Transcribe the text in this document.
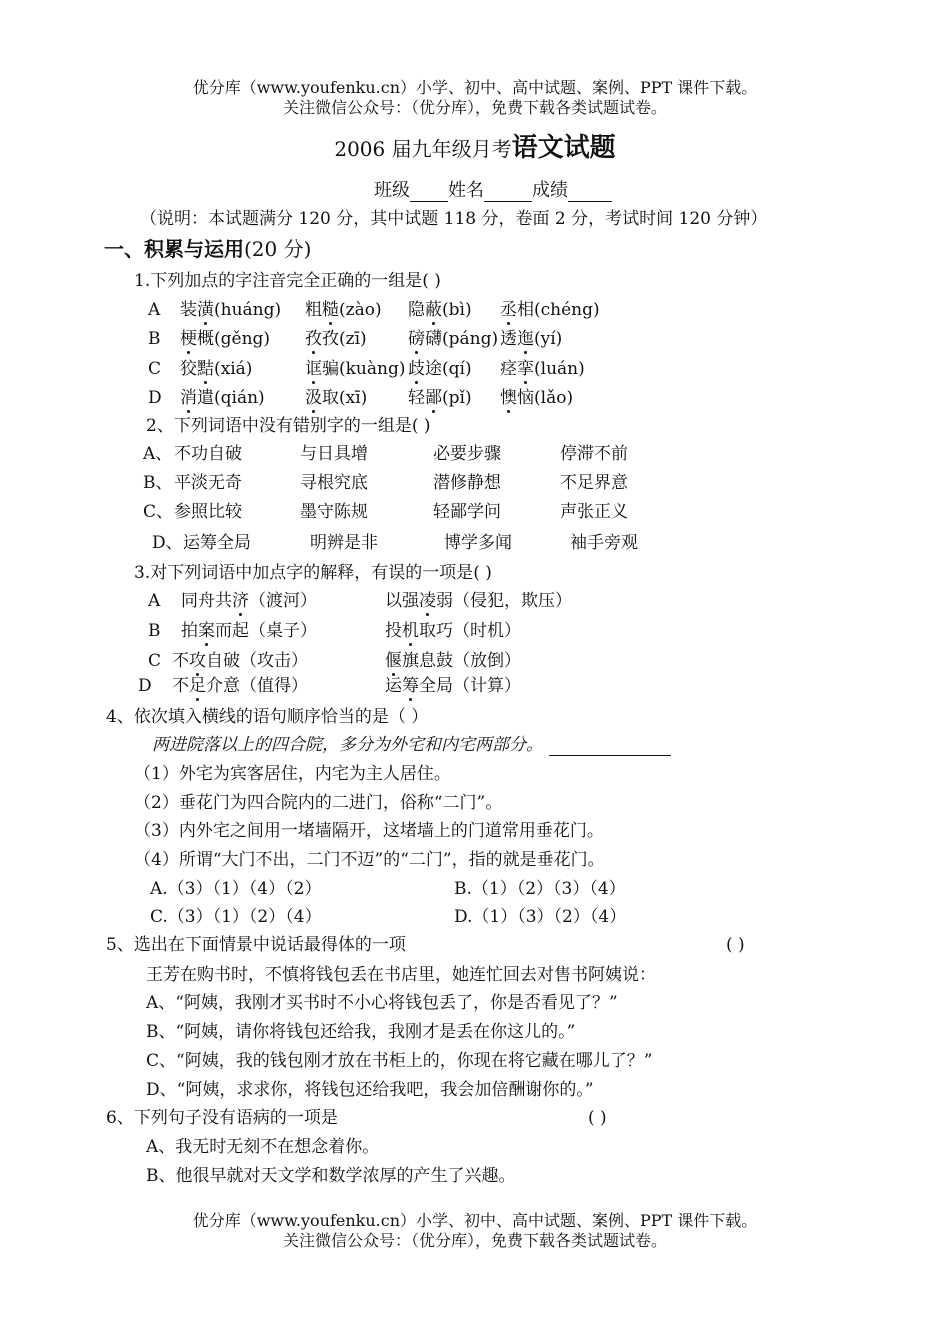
优分库（www.youfenku.cn）小学、初中、高中试题、案例、PPT 课件下载。
关注微信公众号：（优分库），免费下载各类试题试卷。
2006 届九年级月考语文试题
班级 姓名	成绩
（说明：本试题满分 120 分，其中试题 118 分，卷面 2 分，考试时间 120 分钟）
一、积累与运用(20 分)
1.下列加点的字注音完全正确的一组是( )
A 装潢(huáng) 粗糙(zào) 隐蔽(bì) 丞相(chéng)
B 梗概(gěng) 孜孜(zī) 磅礴(páng) 透迤(yí)
C 狡黠(xiá)	诓骗(kuàng) 歧途(qí) 痉挛(luán)
D 消遣(qián) 汲取(xī) 轻鄙(pǐ) 懊恼(lǎo)
2、下列词语中没有错别字的一组是( )
A、 不功自破	与日具增	必要步骤	停滞不前
B、 平淡无奇	寻根究底	潜修静想	不足界意
C、 参照比较	墨守陈规	轻鄙学问	声张正义
D、 运筹全局	明辨是非	博学多闻	袖手旁观
3.对下列词语中加点字的解释，有误的一项是( )
A 同舟共济（渡河）	以强凌弱（侵犯，欺压）
B 拍案而起（桌子）	投机取巧（时机）
C 不攻自破（攻击）	偃旗息鼓（放倒）
D 不足介意（值得）	运筹全局（计算）
4、依次填入横线的语句顺序恰当的是（ ）
两进院落以上的四合院，多分为外宅和内宅两部分。
（1）外宅为宾客居住，内宅为主人居住。
（2）垂花门为四合院内的二进门，俗称“二门”。
（3）内外宅之间用一堵墙隔开，这堵墙上的门道常用垂花门。
（4）所谓“大门不出，二门不迈”的“二门”，指的就是垂花门。
A.（3）（1）（4）（2）	B.（1）（2）（3）（4）
C.（3）（1）（2）（4）	D.（1）（3）（2）（4）
5、选出在下面情景中说话最得体的一项	( )
王芳在购书时，不慎将钱包丢在书店里，她连忙回去对售书阿姨说：
A、“阿姨，我刚才买书时不小心将钱包丢了，你是否看见了？”
B、“阿姨，请你将钱包还给我，我刚才是丢在你这儿的。”
C、“阿姨，我的钱包刚才放在书柜上的，你现在将它藏在哪儿了？”
D、“阿姨，求求你，将钱包还给我吧，我会加倍酬谢你的。”
6、下列句子没有语病的一项是	( )
A、我无时无刻不在想念着你。
B、他很早就对天文学和数学浓厚的产生了兴趣。
优分库（www.youfenku.cn）小学、初中、高中试题、案例、PPT 课件下载。
关注微信公众号：（优分库），免费下载各类试题试卷。
